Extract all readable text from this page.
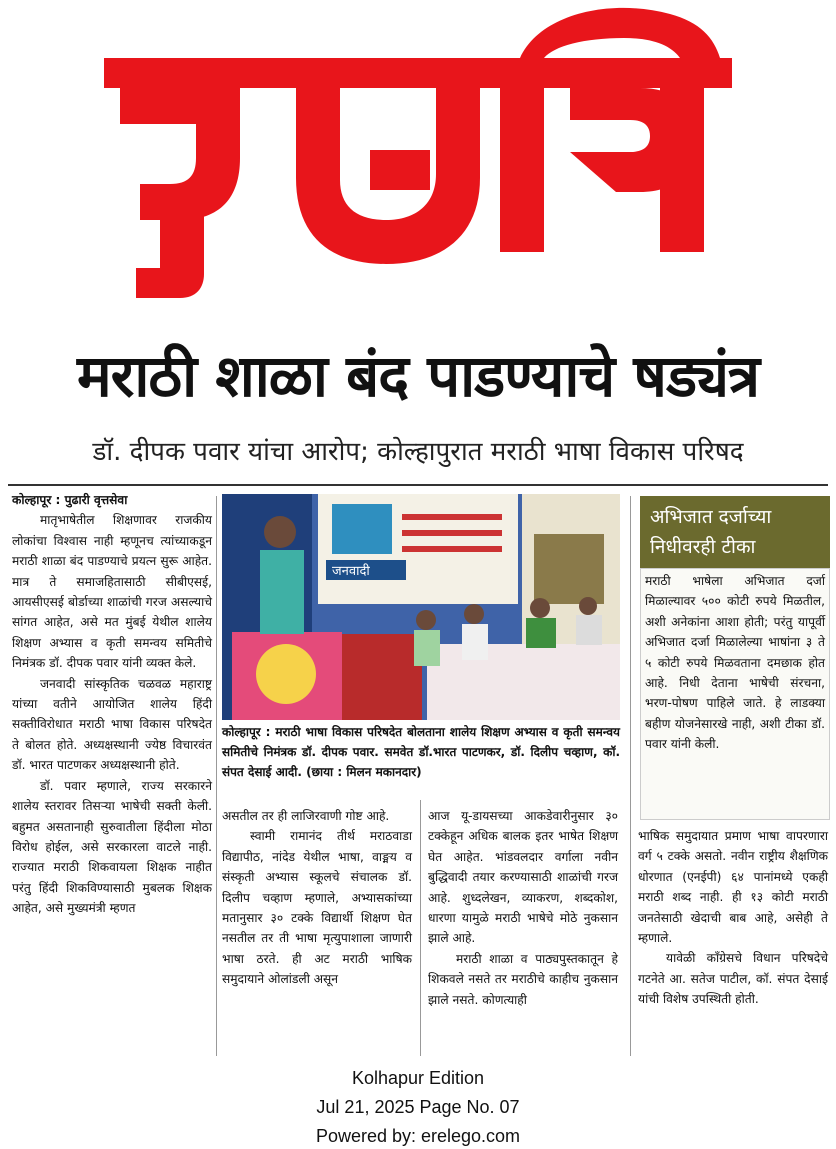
मराठी शाळा बंद पाडण्याचे षड्यंत्र
डॉ. दीपक पवार यांचा आरोप; कोल्हापुरात मराठी भाषा विकास परिषद

कोल्हापूर : पुढारी वृत्तसेवा

मातृभाषेतील शिक्षणावर राजकीय लोकांचा विश्वास नाही म्हणूनच त्यांच्याकडून मराठी शाळा बंद पाडण्याचे प्रयत्न सुरू आहेत. मात्र ते समाजहितासाठी सीबीएसई, आयसीएसई बोर्डाच्या शाळांची गरज असल्याचे सांगत आहेत, असे मत मुंबई येथील शालेय शिक्षण अभ्यास व कृती समन्वय समितीचे निमंत्रक डॉ. दीपक पवार यांनी व्यक्त केले.

जनवादी सांस्कृतिक चळवळ महाराष्ट्र यांच्या वतीने आयोजित शालेय हिंदी सक्तीविरोधात मराठी भाषा विकास परिषदेत ते बोलत होते. अध्यक्षस्थानी ज्येष्ठ विचारवंत डॉ. भारत पाटणकर अध्यक्षस्थानी होते.

डॉ. पवार म्हणाले, राज्य सरकारने शालेय स्तरावर तिसऱ्या भाषेची सक्ती केली. बहुमत असतानाही सुरुवातीला हिंदीला मोठा विरोध होईल, असे सरकारला वाटले नाही. राज्यात मराठी शिकवायला शिक्षक नाहीत परंतु हिंदी शिकविण्यासाठी मुबलक शिक्षक आहेत, असे मुख्यमंत्री म्हणत

जनवादी
कोल्हापूर : मराठी भाषा विकास परिषदेत बोलताना शालेय शिक्षण अभ्यास व कृती समन्वय समितीचे निमंत्रक डॉ. दीपक पवार. समवेत डॉ.भारत पाटणकर, डॉ. दिलीप चव्हाण, कॉ. संपत देसाई आदी. (छाया : मिलन मकानदार)

असतील तर ही लाजिरवाणी गोष्ट आहे.

स्वामी रामानंद तीर्थ मराठवाडा विद्यापीठ, नांदेड येथील भाषा, वाङ्मय व संस्कृती अभ्यास स्कूलचे संचालक डॉ. दिलीप चव्हाण म्हणाले, अभ्यासकांच्या मतानुसार ३० टक्के विद्यार्थी शिक्षण घेत नसतील तर ती भाषा मृत्युपाशाला जाणारी भाषा ठरते. ही अट मराठी भाषिक समुदायाने ओलांडली असून

आज यू-डायसच्या आकडेवारीनुसार ३० टक्केहून अधिक बालक इतर भाषेत शिक्षण घेत आहेत. भांडवलदार वर्गाला नवीन बुद्धिवादी तयार करण्यासाठी शाळांची गरज आहे. शुध्दलेखन, व्याकरण, शब्दकोश, धारणा यामुळे मराठी भाषेचे मोठे नुकसान झाले आहे.

मराठी शाळा व पाठ्यपुस्तकातून हे शिकवले नसते तर मराठीचे काहीच नुकसान झाले नसते. कोणत्याही

अभिजात दर्जाच्या निधीवरही टीका

मराठी भाषेला अभिजात दर्जा मिळाल्यावर ५०० कोटी रुपये मिळतील, अशी अनेकांना आशा होती; परंतु यापूर्वी अभिजात दर्जा मिळालेल्या भाषांना ३ ते ५ कोटी रुपये मिळवताना दमछाक होत आहे. निधी देताना भाषेची संरचना, भरण-पोषण पाहिले जाते. हे लाडक्या बहीण योजनेसारखे नाही, अशी टीका डॉ. पवार यांनी केली.

भाषिक समुदायात प्रमाण भाषा वापरणारा वर्ग ५ टक्के असतो. नवीन राष्ट्रीय शैक्षणिक धोरणात (एनईपी) ६४ पानांमध्ये एकही मराठी शब्द नाही. ही १३ कोटी मराठी जनतेसाठी खेदाची बाब आहे, असेही ते म्हणाले.

यावेळी काँग्रेसचे विधान परिषदेचे गटनेते आ. सतेज पाटील, कॉ. संपत देसाई यांची विशेष उपस्थिती होती.

Kolhapur Edition
Jul 21, 2025 Page No. 07
Powered by: erelego.com
